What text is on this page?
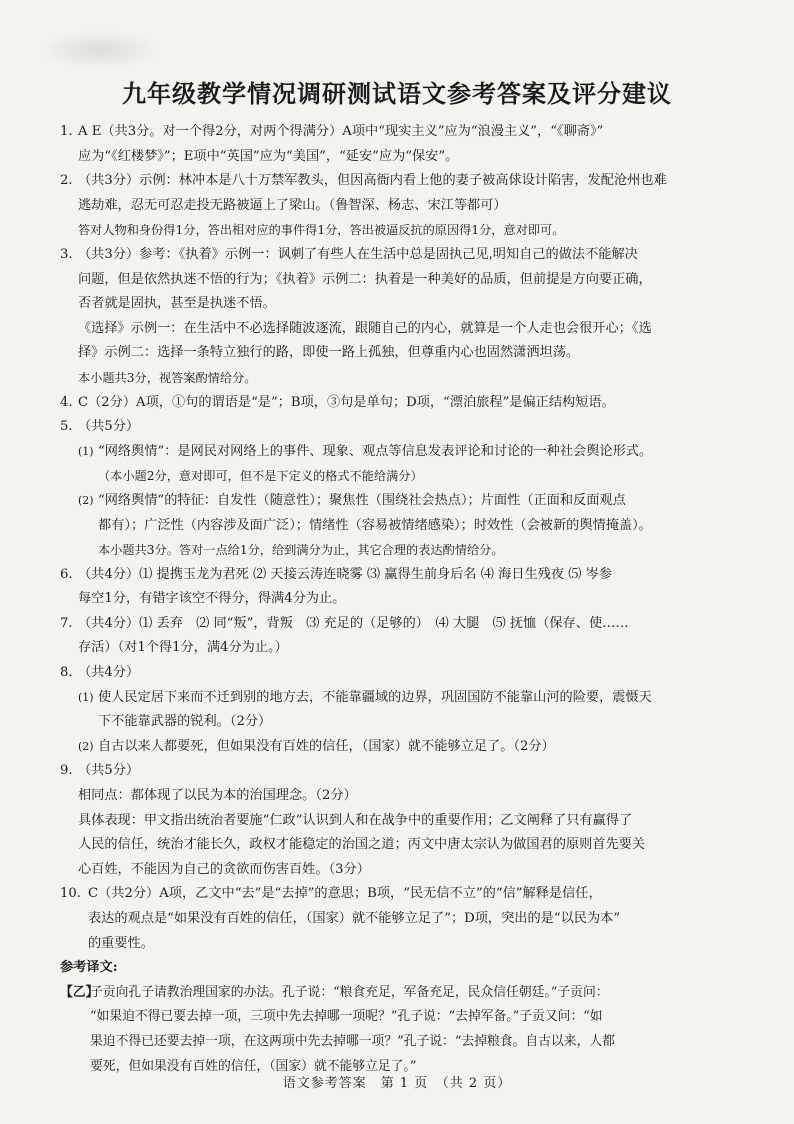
九年级教学情况调研测试语文参考答案及评分建议
1. A E（共3分。对一个得2分，对两个得满分）A项中“现实主义”应为“浪漫主义”，“《聊斋》”

应为“《红楼梦》”；E项中“英国”应为“美国”，“延安”应为“保安”。

2. （共3分）示例：林冲本是八十万禁军教头，但因高衙内看上他的妻子被高俅设计陷害，发配沧州也难

逃劫难，忍无可忍走投无路被逼上了梁山。（鲁智深、杨志、宋江等都可）

答对人物和身份得1分，答出相对应的事件得1分，答出被逼反抗的原因得1分，意对即可。

3. （共3分）参考：《执着》示例一：讽刺了有些人在生活中总是固执己见,明知自己的做法不能解决

问题，但是依然执迷不悟的行为；《执着》示例二：执着是一种美好的品质，但前提是方向要正确，

否者就是固执，甚至是执迷不悟。

《选择》示例一：在生活中不必选择随波逐流，跟随自己的内心，就算是一个人走也会很开心；《选

择》示例二：选择一条特立独行的路，即使一路上孤独，但尊重内心也固然潇洒坦荡。

本小题共3分，视答案酌情给分。

4. C（2分）A项，①句的谓语是“是”；B项，③句是单句；D项，“漂泊旅程”是偏正结构短语。

5. （共5分）

(1) “网络舆情”：是网民对网络上的事件、现象、观点等信息发表评论和讨论的一种社会舆论形式。

（本小题2分，意对即可，但不是下定义的格式不能给满分）

(2) “网络舆情”的特征：自发性（随意性）；聚焦性（围绕社会热点）；片面性（正面和反面观点

都有）；广泛性（内容涉及面广泛）；情绪性（容易被情绪感染）；时效性（会被新的舆情掩盖）。

本小题共3分。答对一点给1分，给到满分为止，其它合理的表达酌情给分。

6. （共4分）⑴ 提携玉龙为君死 ⑵ 天接云涛连晓雾 ⑶ 赢得生前身后名 ⑷ 海日生残夜 ⑸ 岑参

每空1分，有错字该空不得分，得满4分为止。

7. （共4分）⑴ 丢弃　⑵ 同“叛”，背叛　⑶ 充足的（足够的）　⑷ 大腿　⑸ 抚恤（保存、使……

存活）（对1个得1分，满4分为止。）

8. （共4分）

(1) 使人民定居下来而不迁到别的地方去，不能靠疆域的边界，巩固国防不能靠山河的险要，震慑天

下不能靠武器的锐利。（2分）

(2) 自古以来人都要死，但如果没有百姓的信任，（国家）就不能够立足了。（2分）

9. （共5分）

相同点：都体现了以民为本的治国理念。（2分）

具体表现：甲文指出统治者要施“仁政”认识到人和在战争中的重要作用；乙文阐释了只有赢得了

人民的信任，统治才能长久，政权才能稳定的治国之道；丙文中唐太宗认为做国君的原则首先要关

心百姓，不能因为自己的贪欲而伤害百姓。（3分）

10. C（共2分）A项，乙文中“去”是“去掉”的意思；B项，“民无信不立”的“信”解释是信任，

表达的观点是“如果没有百姓的信任，（国家）就不能够立足了”；D项，突出的是“以民为本”

的重要性。

参考译文:

【乙】

子贡向孔子请教治理国家的办法。孔子说：“粮食充足，军备充足，民众信任朝廷。”子贡问：

“如果迫不得已要去掉一项，三项中先去掉哪一项呢？”孔子说：“去掉军备。”子贡又问：“如

果迫不得已还要去掉一项，在这两项中先去掉哪一项？”孔子说：“去掉粮食。自古以来，人都

要死，但如果没有百姓的信任，（国家）就不能够立足了。”

语文参考答案　第 1 页　（共 2 页）
